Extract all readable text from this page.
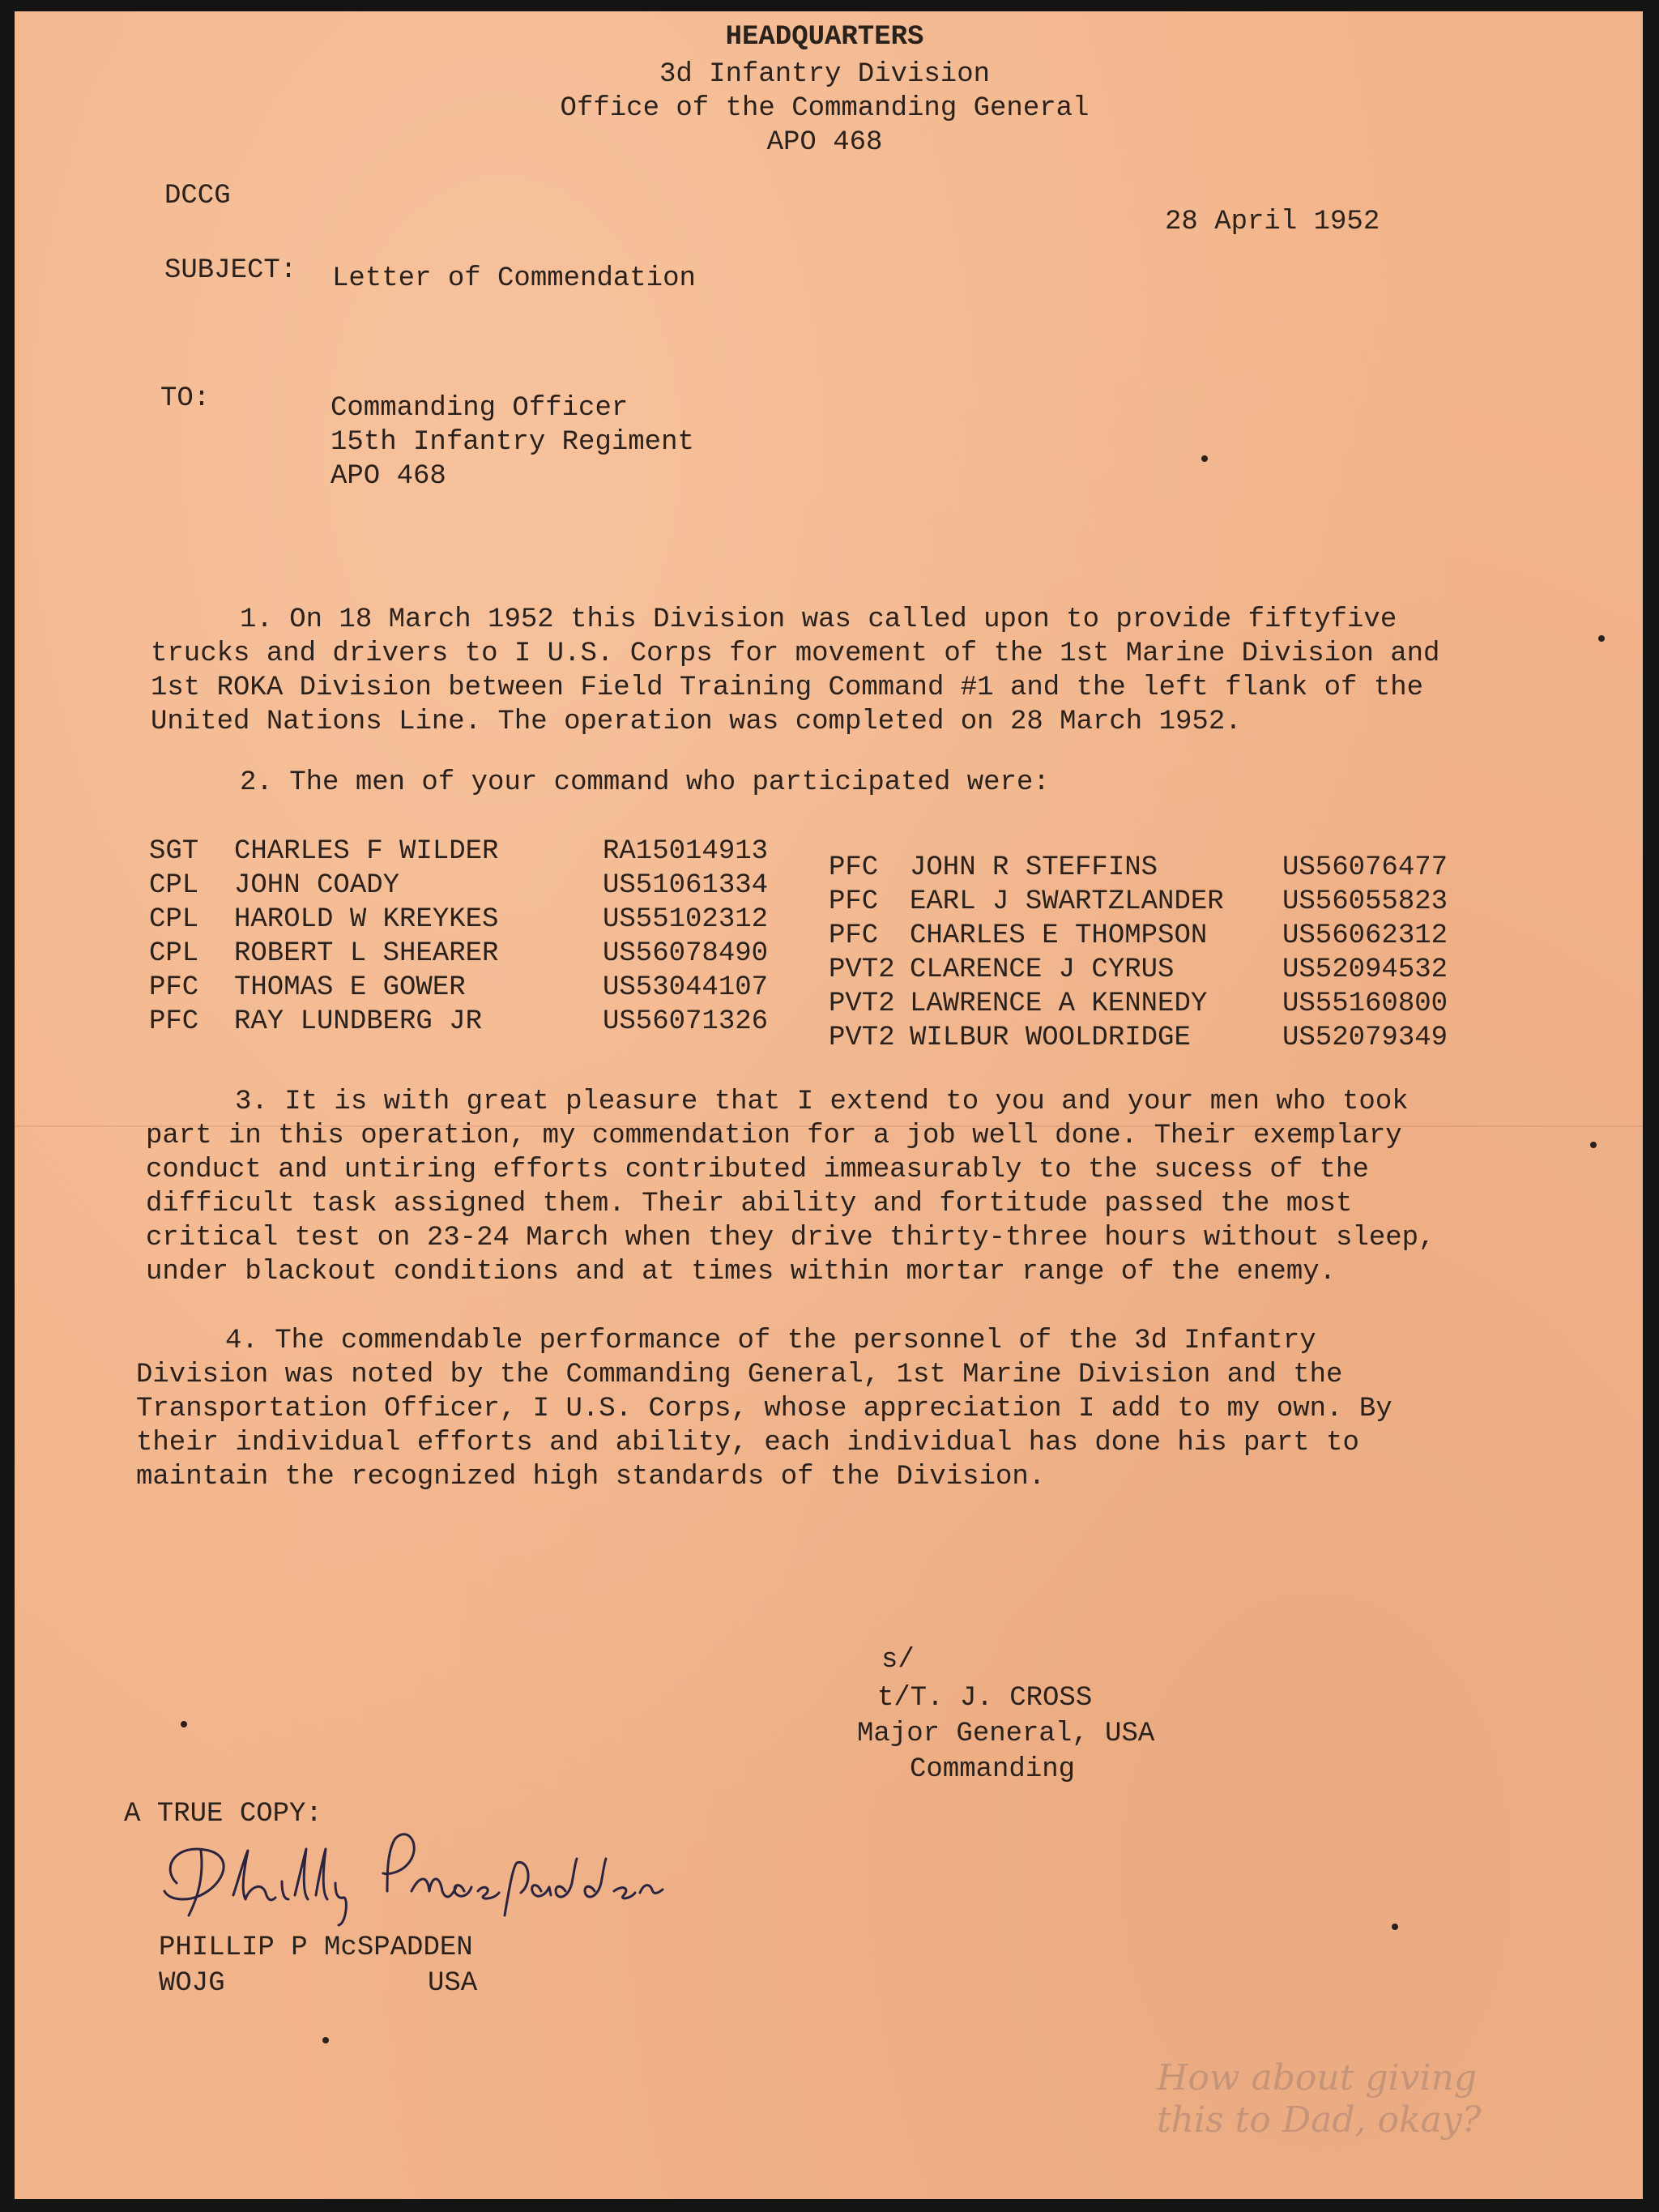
HEADQUARTERS
3d Infantry Division
Office of the Commanding General
APO 468
DCCG
28 April 1952
SUBJECT: Letter of Commendation
TO:	Commanding Officer
15th Infantry Regiment
APO 468
1. On 18 March 1952 this Division was called upon to provide fiftyfive trucks and drivers to I U.S. Corps for movement of the 1st Marine Division and 1st ROKA Division between Field Training Command #1 and the left flank of the United Nations Line. The operation was completed on 28 March 1952.
2. The men of your command who participated were:
SGT CHARLES F WILDER	RA15014913
CPL JOHN COADY	US51061334
CPL HAROLD W KREYKES	US55102312
CPL ROBERT L SHEARER	US56078490
PFC THOMAS E GOWER	US53044107
PFC RAY LUNDBERG JR	US56071326
PFC JOHN R STEFFINS	US56076477
PFC EARL J SWARTZLANDER US56055823
PFC CHARLES E THOMPSON	US56062312
PVT2 CLARENCE J CYRUS	US52094532
PVT2 LAWRENCE A KENNEDY	US55160800
PVT2 WILBUR WOOLDRIDGE	US52079349
3. It is with great pleasure that I extend to you and your men who took part in this operation, my commendation for a job well done. Their exemplary conduct and untiring efforts contributed immeasurably to the sucess of the difficult task assigned them. Their ability and fortitude passed the most critical test on 23-24 March when they drive thirty-three hours without sleep, under blackout conditions and at times within mortar range of the enemy.
4. The commendable performance of the personnel of the 3d Infantry Division was noted by the Commanding General, 1st Marine Division and the Transportation Officer, I U.S. Corps, whose appreciation I add to my own. By their individual efforts and ability, each individual has done his part to maintain the recognized high standards of the Division.
s/
t/T. J. CROSS
Major General, USA
Commanding
A TRUE COPY:
PHILLIP P McSPADDEN
WOJG	USA
How about giving
this to Dad, okay?
